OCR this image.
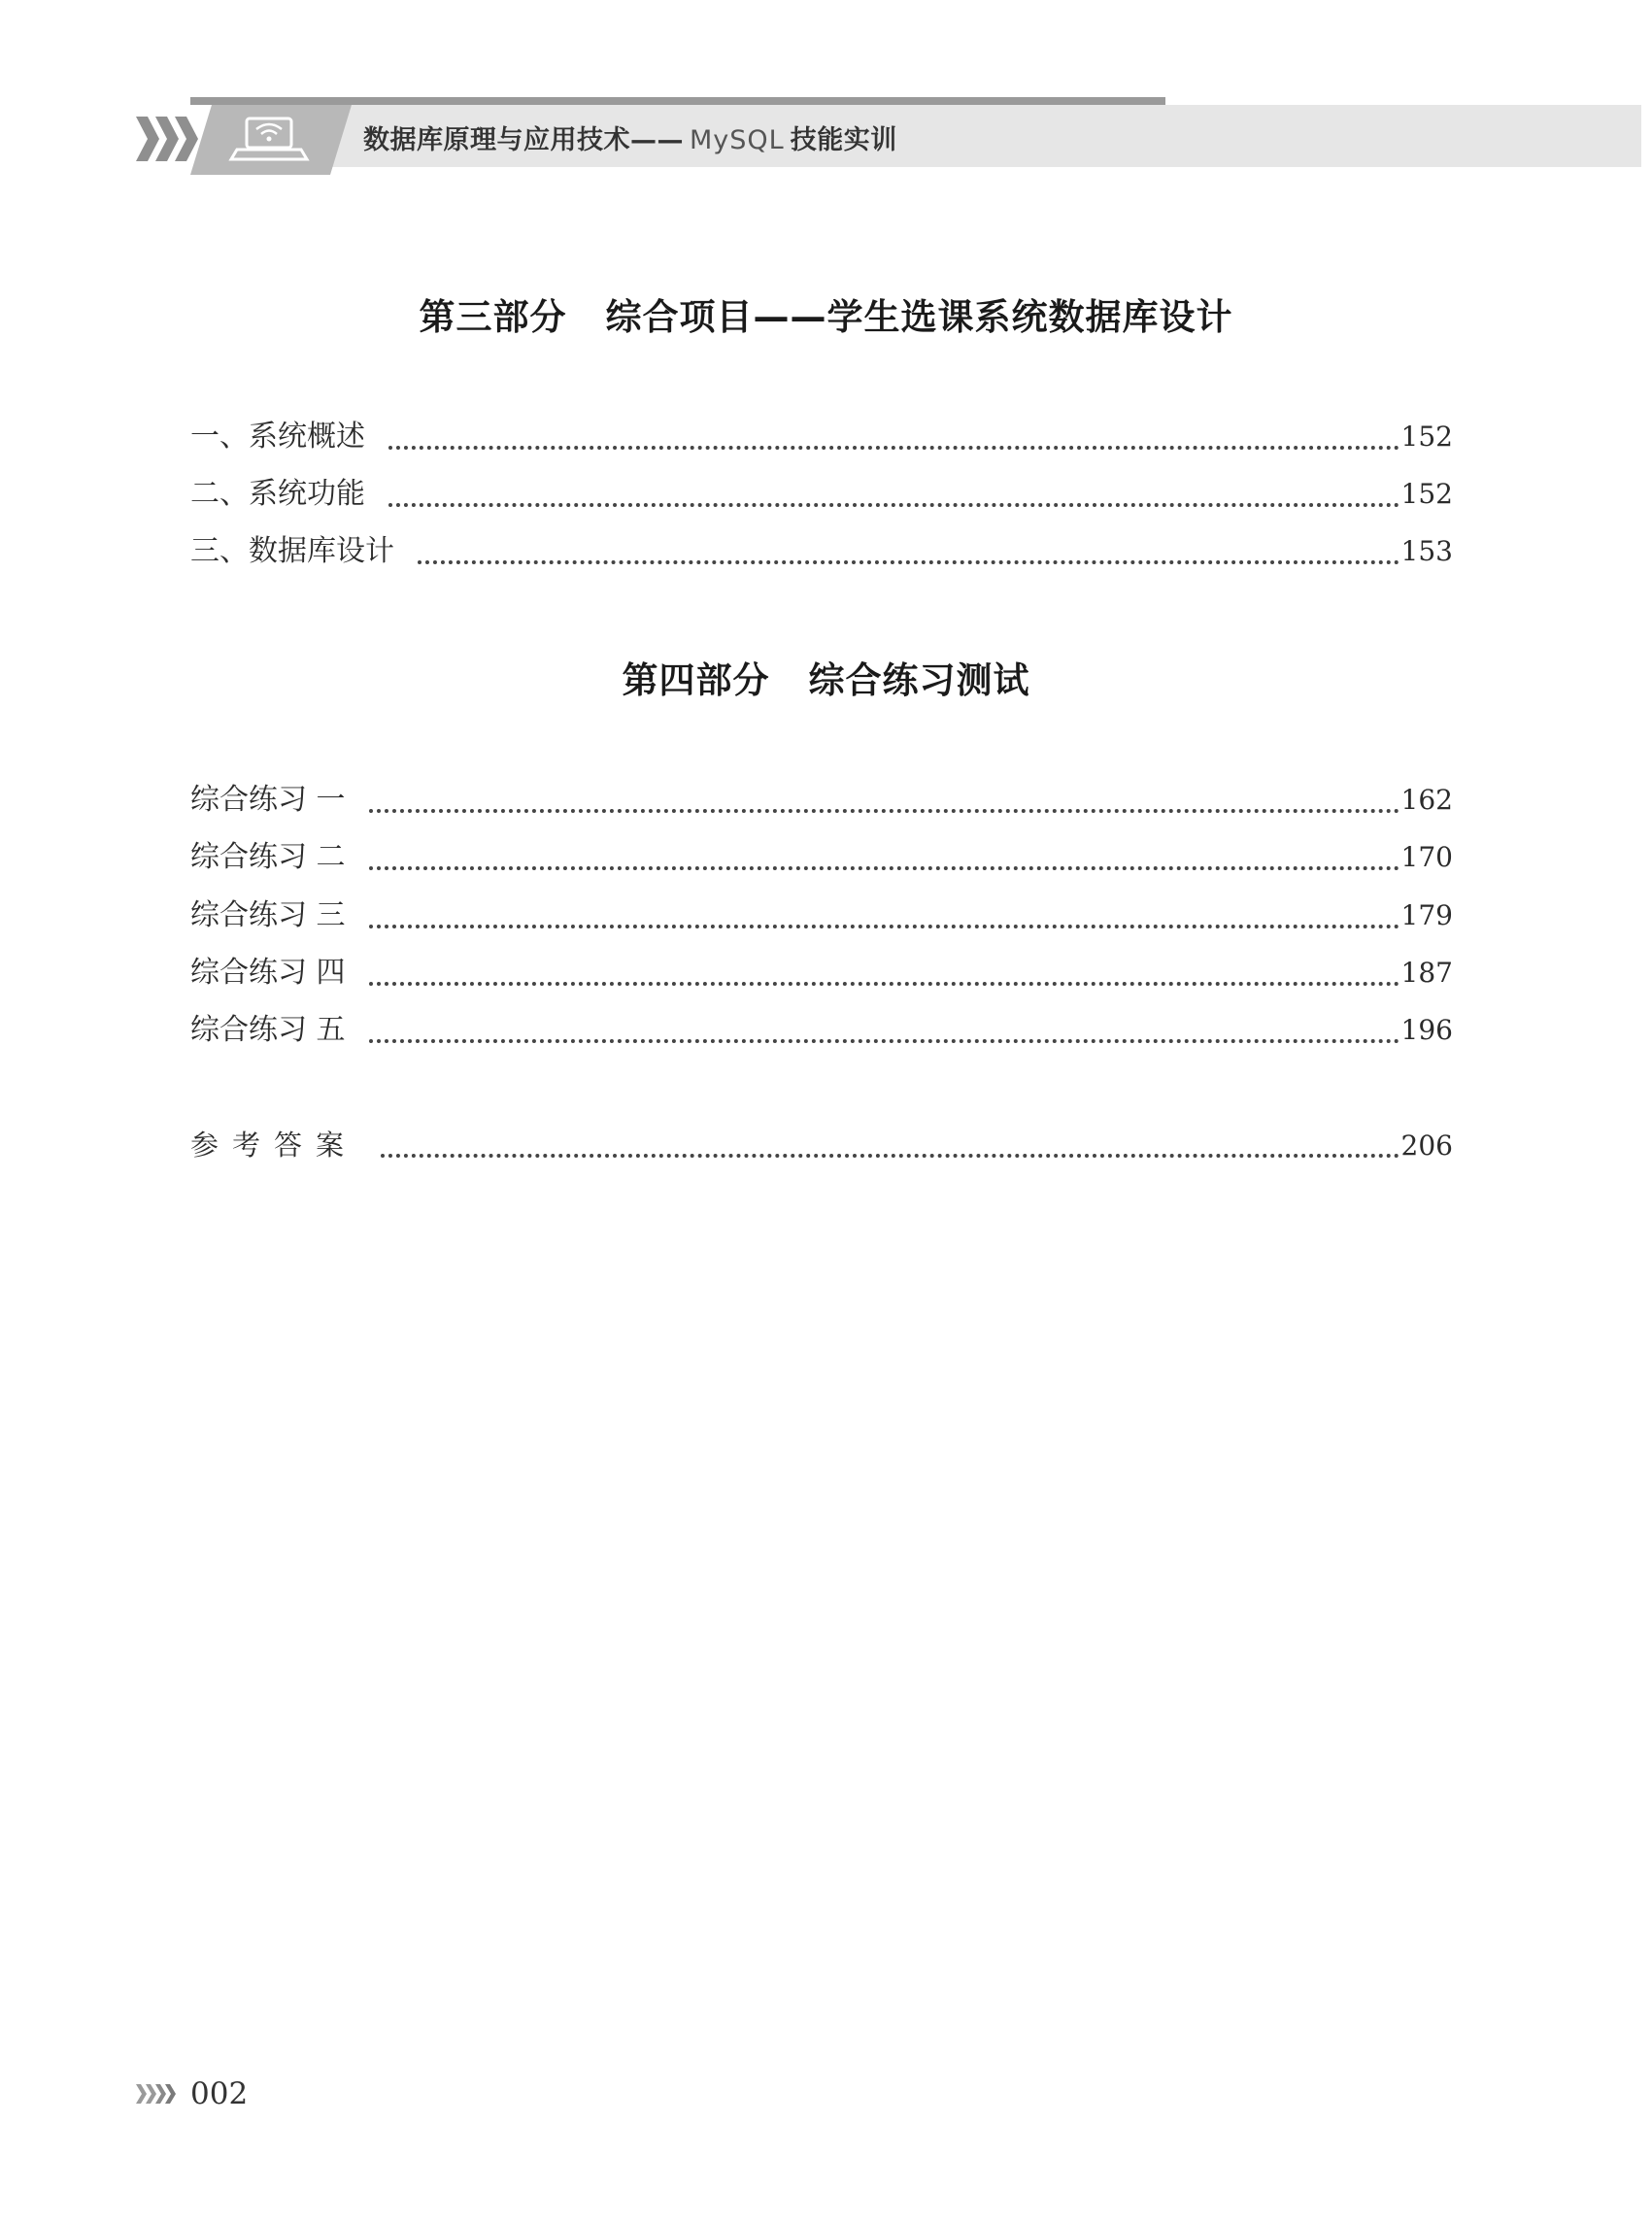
数据库原理与应用技术—— MySQL 技能实训
第三部分 综合项目——学生选课系统数据库设计
一、系统概述	152
二、系统功能	152
三、数据库设计	153
第四部分 综合练习测试
综合练习 一	162
综合练习 二	170
综合练习 三	179
综合练习 四	187
综合练习 五	196
参考答案	206
002
